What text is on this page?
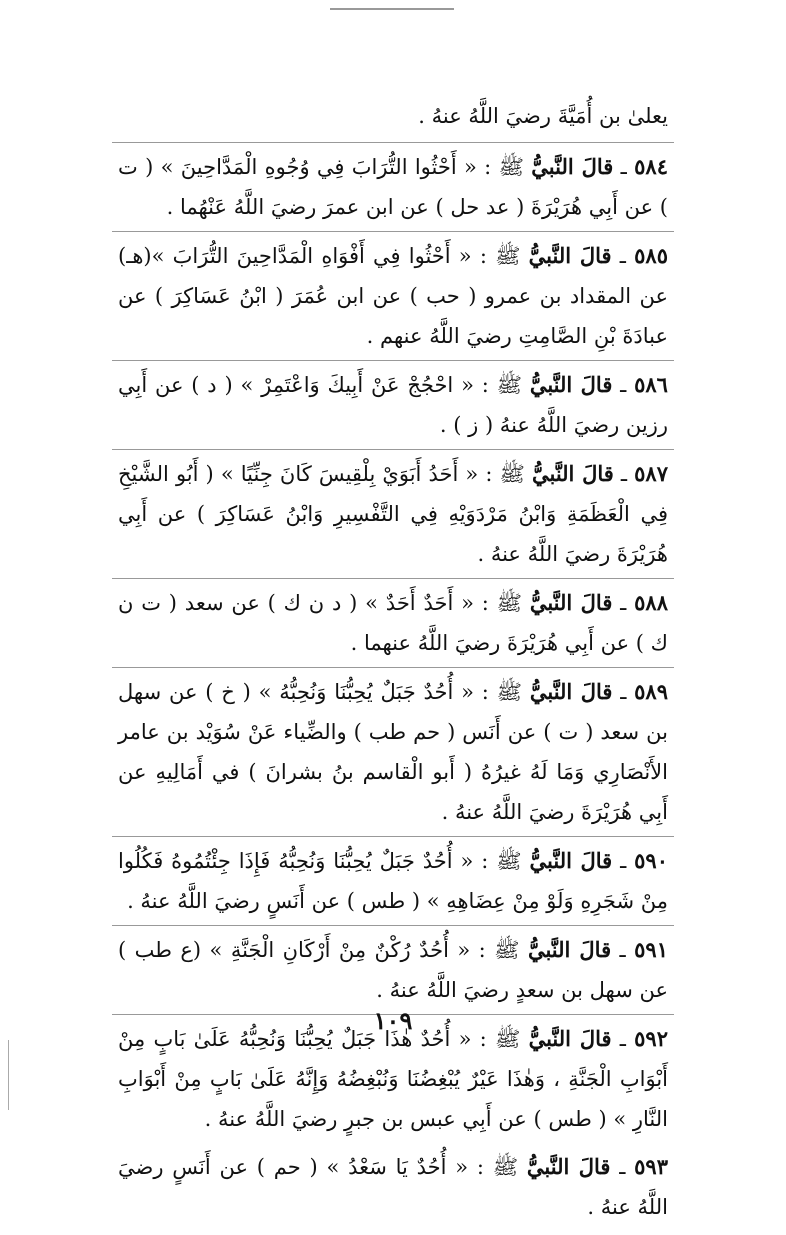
يعلىٰ بن أُمَيَّةَ رضيَ اللَّهُ عنهُ .

٥٨٤ ـ قالَ النَّبيُّ ﷺ : « أَحْثُوا التُّرَابَ فِي وُجُوهِ الْمَدَّاحِينَ » ( ت ) عن أَبِي هُرَيْرَةَ ( عد حل ) عن ابن عمرَ رضيَ اللَّهُ عَنْهُما .

٥٨٥ ـ قالَ النَّبيُّ ﷺ : « أَحْثُوا فِي أَفْوَاهِ الْمَدَّاحِينَ التُّرَابَ »(هـ) عن المقداد بن عمرو ( حب ) عن ابن عُمَرَ ( ابْنُ عَسَاكِرَ ) عن عبادَةَ بْنِ الصَّامِتِ رضيَ اللَّهُ عنهم .

٥٨٦ ـ قالَ النَّبيُّ ﷺ : « احْجُجْ عَنْ أَبِيكَ وَاعْتَمِرْ » ( د ) عن أَبِي رزين رضيَ اللَّهُ عنهُ ( ز ) .

٥٨٧ ـ قالَ النَّبيُّ ﷺ : « أَحَدُ أَبَوَيْ بِلْقِيسَ كَانَ جِنِّيًا » ( أَبُو الشَّيْخِ فِي الْعَظَمَةِ وَابْنُ مَرْدَوَيْهِ فِي التَّفْسِيرِ وَابْنُ عَسَاكِرَ ) عن أَبِي هُرَيْرَةَ رضيَ اللَّهُ عنهُ .

٥٨٨ ـ قالَ النَّبيُّ ﷺ : « أَحَدٌ أَحَدٌ » ( د ن ك ) عن سعد ( ت ن ك ) عن أَبِي هُرَيْرَةَ رضيَ اللَّهُ عنهما .

٥٨٩ ـ قالَ النَّبيُّ ﷺ : « أُحُدٌ جَبَلٌ يُحِبُّنَا وَنُحِبُّهُ » ( خ ) عن سهل بن سعد ( ت ) عن أَنَس ( حم طب ) والضِّياء عَنْ سُوَيْد بن عامر الأَنْصَارِي وَمَا لَهُ غيرُهُ ( أَبو الْقاسم بنُ بشرانَ ) في أَمَالِيهِ عن أَبِي هُرَيْرَةَ رضيَ اللَّهُ عنهُ .

٥٩٠ ـ قالَ النَّبيُّ ﷺ : « أُحُدٌ جَبَلٌ يُحِبُّنَا وَنُحِبُّهُ فَإِذَا جِئْتُمُوهُ فَكُلُوا مِنْ شَجَرِهِ وَلَوْ مِنْ عِضَاهِهِ » ( طس ) عن أَنَسٍ رضيَ اللَّهُ عنهُ .

٥٩١ ـ قالَ النَّبيُّ ﷺ : « أُحُدٌ رُكْنٌ مِنْ أَرْكَانِ الْجَنَّةِ » (ع طب ) عن سهل بن سعدٍ رضيَ اللَّهُ عنهُ .

٥٩٢ ـ قالَ النَّبيُّ ﷺ : « أُحُدٌ هٰذَا جَبَلٌ يُحِبُّنَا وَنُحِبُّهُ عَلَىٰ بَابٍ مِنْ أَبْوَابِ الْجَنَّةِ ، وَهٰذَا عَيْرٌ يُبْغِضُنَا وَنُبْغِضُهُ وَإِنَّهُ عَلَىٰ بَابٍ مِنْ أَبْوَابِ النَّارِ » ( طس ) عن أَبِي عبس بن جبرٍ رضيَ اللَّهُ عنهُ .

٥٩٣ ـ قالَ النَّبيُّ ﷺ : « أُحُدٌ يَا سَعْدُ » ( حم ) عن أَنَسٍ رضيَ اللَّهُ عنهُ .

١٠٩
